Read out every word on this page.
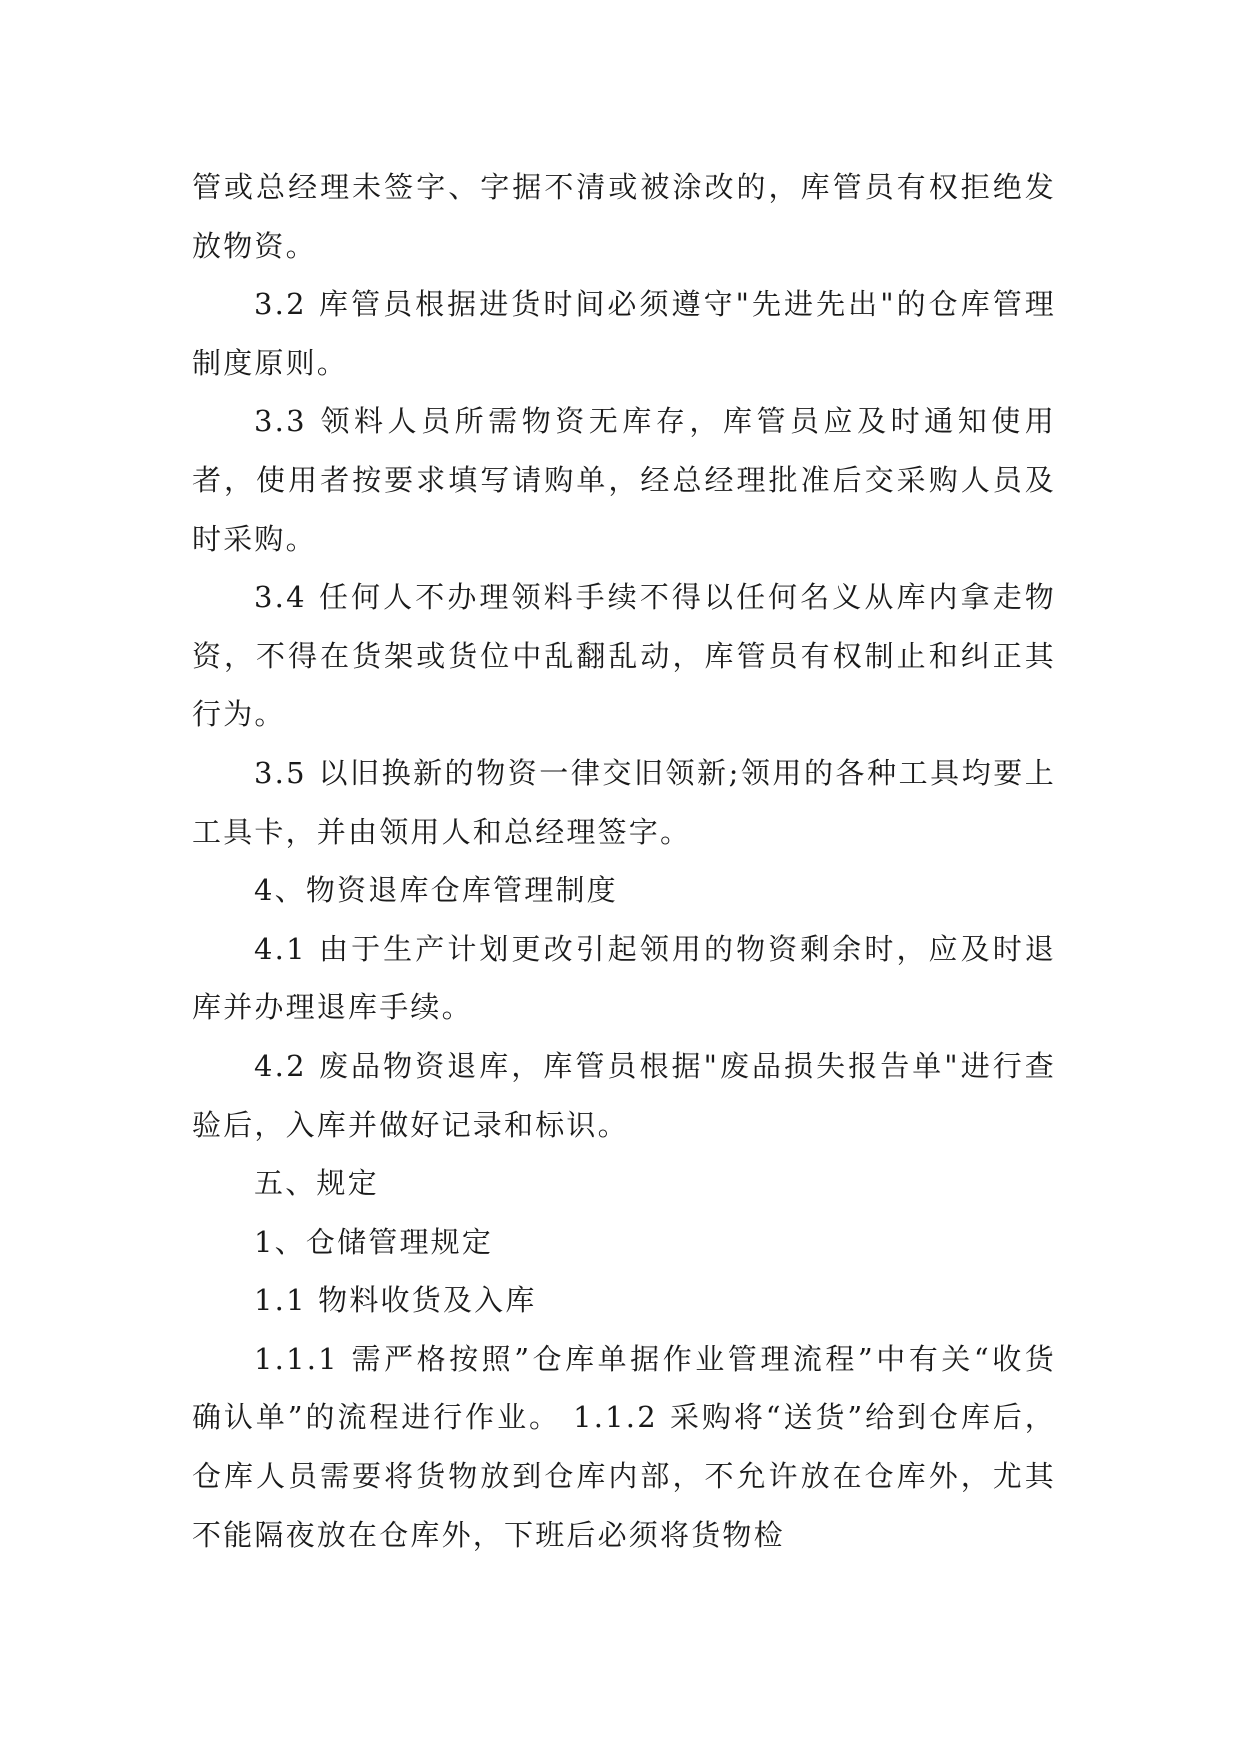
管或总经理未签字、字据不清或被涂改的，库管员有权拒绝发放物资。

3.2 库管员根据进货时间必须遵守"先进先出"的仓库管理制度原则。

3.3 领料人员所需物资无库存，库管员应及时通知使用者，使用者按要求填写请购单，经总经理批准后交采购人员及时采购。

3.4 任何人不办理领料手续不得以任何名义从库内拿走物资，不得在货架或货位中乱翻乱动，库管员有权制止和纠正其行为。

3.5 以旧换新的物资一律交旧领新;领用的各种工具均要上工具卡，并由领用人和总经理签字。

4、物资退库仓库管理制度

4.1 由于生产计划更改引起领用的物资剩余时，应及时退库并办理退库手续。

4.2 废品物资退库，库管员根据"废品损失报告单"进行查验后，入库并做好记录和标识。

五、规定

1、仓储管理规定

1.1 物料收货及入库

1.1.1 需严格按照”仓库单据作业管理流程”中有关“收货确认单”的流程进行作业。 1.1.2 采购将“送货”给到仓库后，仓库人员需要将货物放到仓库内部，不允许放在仓库外，尤其不能隔夜放在仓库外，下班后必须将货物检
